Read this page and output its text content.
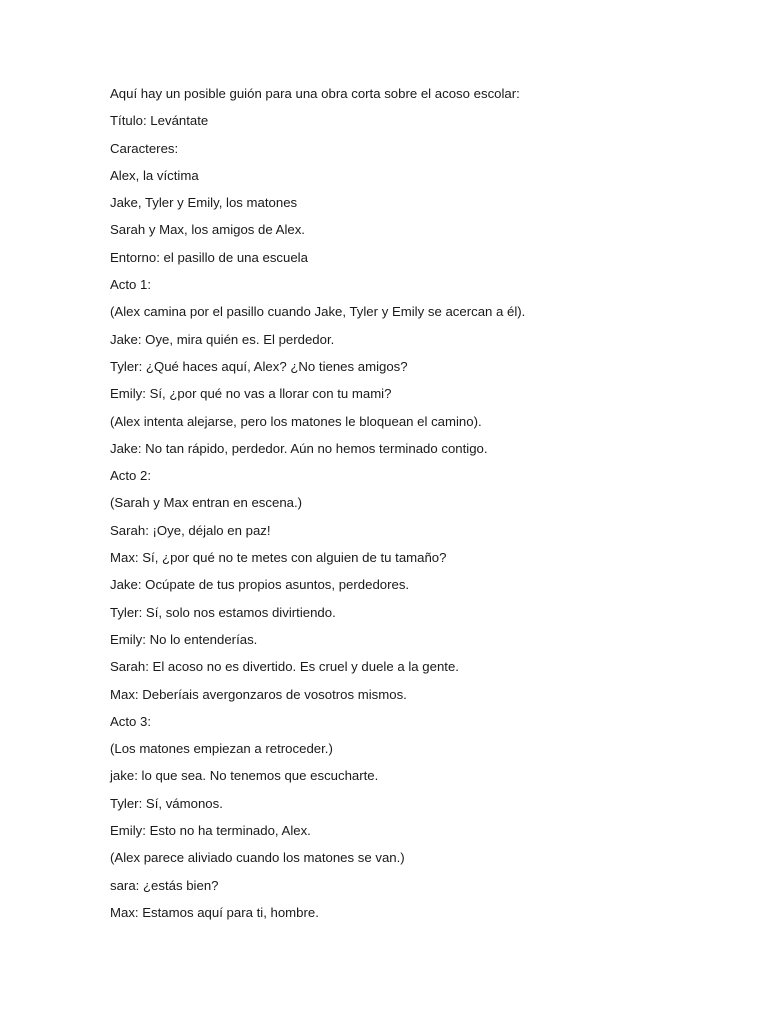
Aquí hay un posible guión para una obra corta sobre el acoso escolar:

Título: Levántate

Caracteres:

Alex, la víctima

Jake, Tyler y Emily, los matones

Sarah y Max, los amigos de Alex.

Entorno: el pasillo de una escuela

Acto 1:

(Alex camina por el pasillo cuando Jake, Tyler y Emily se acercan a él).

Jake: Oye, mira quién es. El perdedor.

Tyler: ¿Qué haces aquí, Alex? ¿No tienes amigos?

Emily: Sí, ¿por qué no vas a llorar con tu mami?

(Alex intenta alejarse, pero los matones le bloquean el camino).

Jake: No tan rápido, perdedor. Aún no hemos terminado contigo.

Acto 2:

(Sarah y Max entran en escena.)

Sarah: ¡Oye, déjalo en paz!

Max: Sí, ¿por qué no te metes con alguien de tu tamaño?

Jake: Ocúpate de tus propios asuntos, perdedores.

Tyler: Sí, solo nos estamos divirtiendo.

Emily: No lo entenderías.

Sarah: El acoso no es divertido. Es cruel y duele a la gente.

Max: Deberíais avergonzaros de vosotros mismos.

Acto 3:

(Los matones empiezan a retroceder.)

jake: lo que sea. No tenemos que escucharte.

Tyler: Sí, vámonos.

Emily: Esto no ha terminado, Alex.

(Alex parece aliviado cuando los matones se van.)

sara: ¿estás bien?

Max: Estamos aquí para ti, hombre.
